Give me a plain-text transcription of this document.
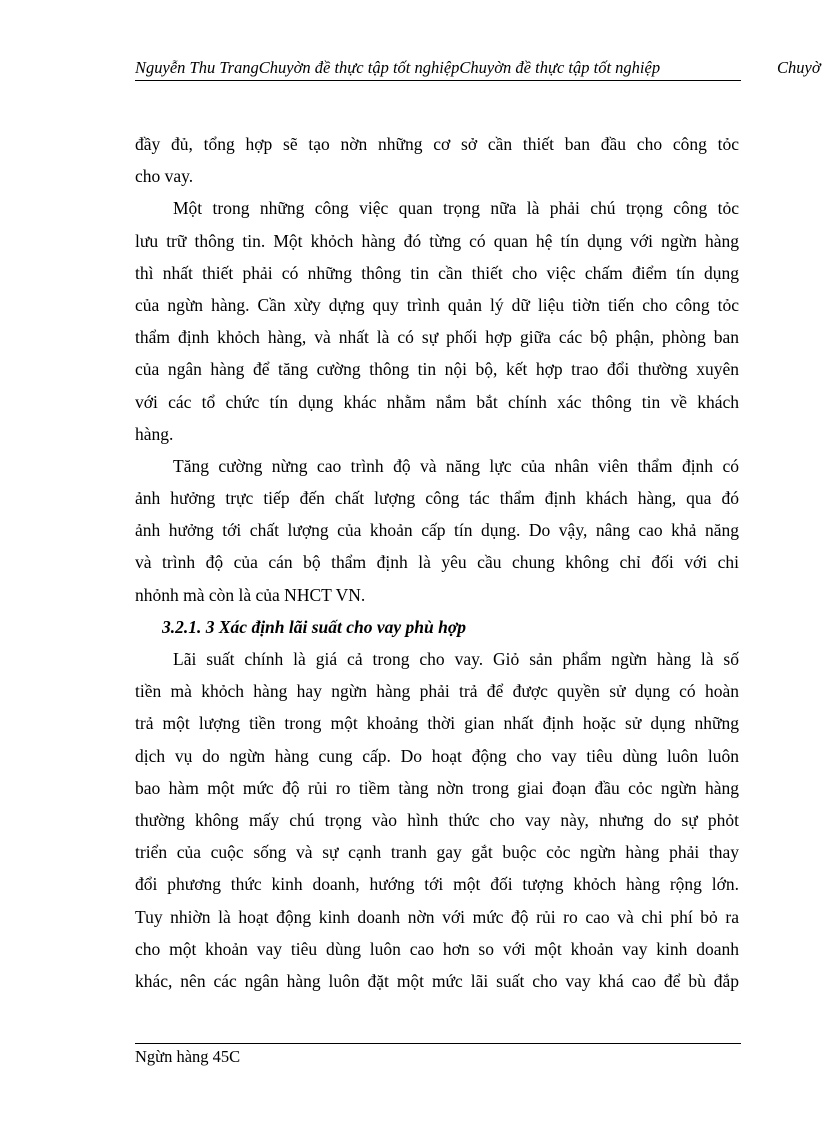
Nguyễn Thu TrangChuyờn đề thực tập tốt nghiệpChuyờn đề thực tập tốt nghiệp	Chuyờ
đầy đủ, tổng hợp sẽ tạo nờn những cơ sở cần thiết ban đầu cho công tỏc
cho vay.
Một trong những công việc quan trọng nữa là phải chú trọng công tỏc
lưu trữ thông tin. Một khỏch hàng đó từng có quan hệ tín dụng với ngừn hàng
thì nhất thiết phải có những thông tin cần thiết cho việc chấm điểm tín dụng
của ngừn hàng. Cần xừy dựng quy trình quản lý dữ liệu tiờn tiến cho công tỏc
thẩm định khỏch hàng, và nhất là có sự phối hợp giữa các bộ phận, phòng ban
của ngân hàng để tăng cường thông tin nội bộ, kết hợp trao đổi thường xuyên
với các tổ chức tín dụng khác nhằm nắm bắt chính xác thông tin về khách
hàng.
Tăng cường nừng cao trình độ và năng lực của nhân viên thẩm định có
ảnh hưởng trực tiếp đến chất lượng công tác thẩm định khách hàng, qua đó
ảnh hưởng tới chất lượng của khoản cấp tín dụng. Do vậy, nâng cao khả năng
và trình độ của cán bộ thẩm định là yêu cầu chung không chỉ đối với chi
nhỏnh mà còn là của NHCT VN.
3.2.1. 3 Xác định lãi suất cho vay phù hợp
Lãi suất chính là giá cả trong cho vay. Giỏ sản phẩm ngừn hàng là số
tiền mà khỏch hàng hay ngừn hàng phải trả để được quyền sử dụng có hoàn
trả một lượng tiền trong một khoảng thời gian nhất định hoặc sử dụng những
dịch vụ do ngừn hàng cung cấp. Do hoạt động cho vay tiêu dùng luôn luôn
bao hàm một mức độ rủi ro tiềm tàng nờn trong giai đoạn đầu cỏc ngừn hàng
thường không mấy chú trọng vào hình thức cho vay này, nhưng do sự phỏt
triển của cuộc sống và sự cạnh tranh gay gắt buộc cỏc ngừn hàng phải thay
đổi phương thức kinh doanh, hướng tới một đối tượng khỏch hàng rộng lớn.
Tuy nhiờn là hoạt động kinh doanh nờn với mức độ rủi ro cao và chi phí bỏ ra
cho một khoản vay tiêu dùng luôn cao hơn so với một khoản vay kinh doanh
khác, nên các ngân hàng luôn đặt một mức lãi suất cho vay khá cao để bù đắp
Ngừn hàng 45C
